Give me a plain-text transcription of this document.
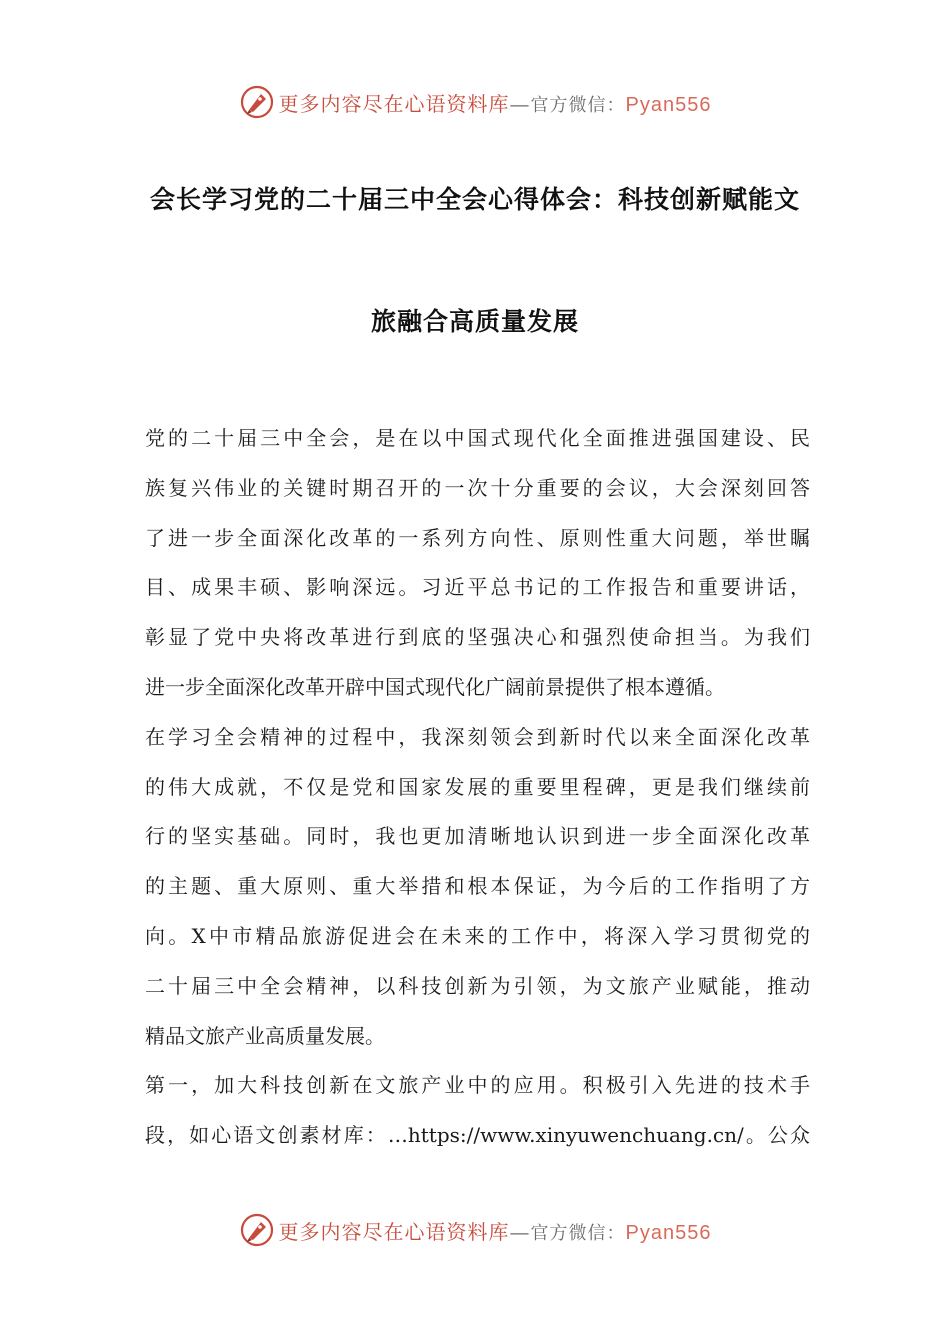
更多内容尽在心语资料库—官方微信：Pyan556
会长学习党的二十届三中全会心得体会：科技创新赋能文
旅融合高质量发展
党的二十届三中全会，是在以中国式现代化全面推进强国建设、民
族复兴伟业的关键时期召开的一次十分重要的会议，大会深刻回答
了进一步全面深化改革的一系列方向性、原则性重大问题，举世瞩
目、成果丰硕、影响深远。习近平总书记的工作报告和重要讲话，
彰显了党中央将改革进行到底的坚强决心和强烈使命担当。为我们
进一步全面深化改革开辟中国式现代化广阔前景提供了根本遵循。
在学习全会精神的过程中，我深刻领会到新时代以来全面深化改革
的伟大成就，不仅是党和国家发展的重要里程碑，更是我们继续前
行的坚实基础。同时，我也更加清晰地认识到进一步全面深化改革
的主题、重大原则、重大举措和根本保证，为今后的工作指明了方
向。X中市精品旅游促进会在未来的工作中，将深入学习贯彻党的
二十届三中全会精神，以科技创新为引领，为文旅产业赋能，推动
精品文旅产业高质量发展。
第一，加大科技创新在文旅产业中的应用。积极引入先进的技术手
段，如心语文创素材库：…https://www.xinyuwenchuang.cn/。公众
更多内容尽在心语资料库—官方微信：Pyan556
